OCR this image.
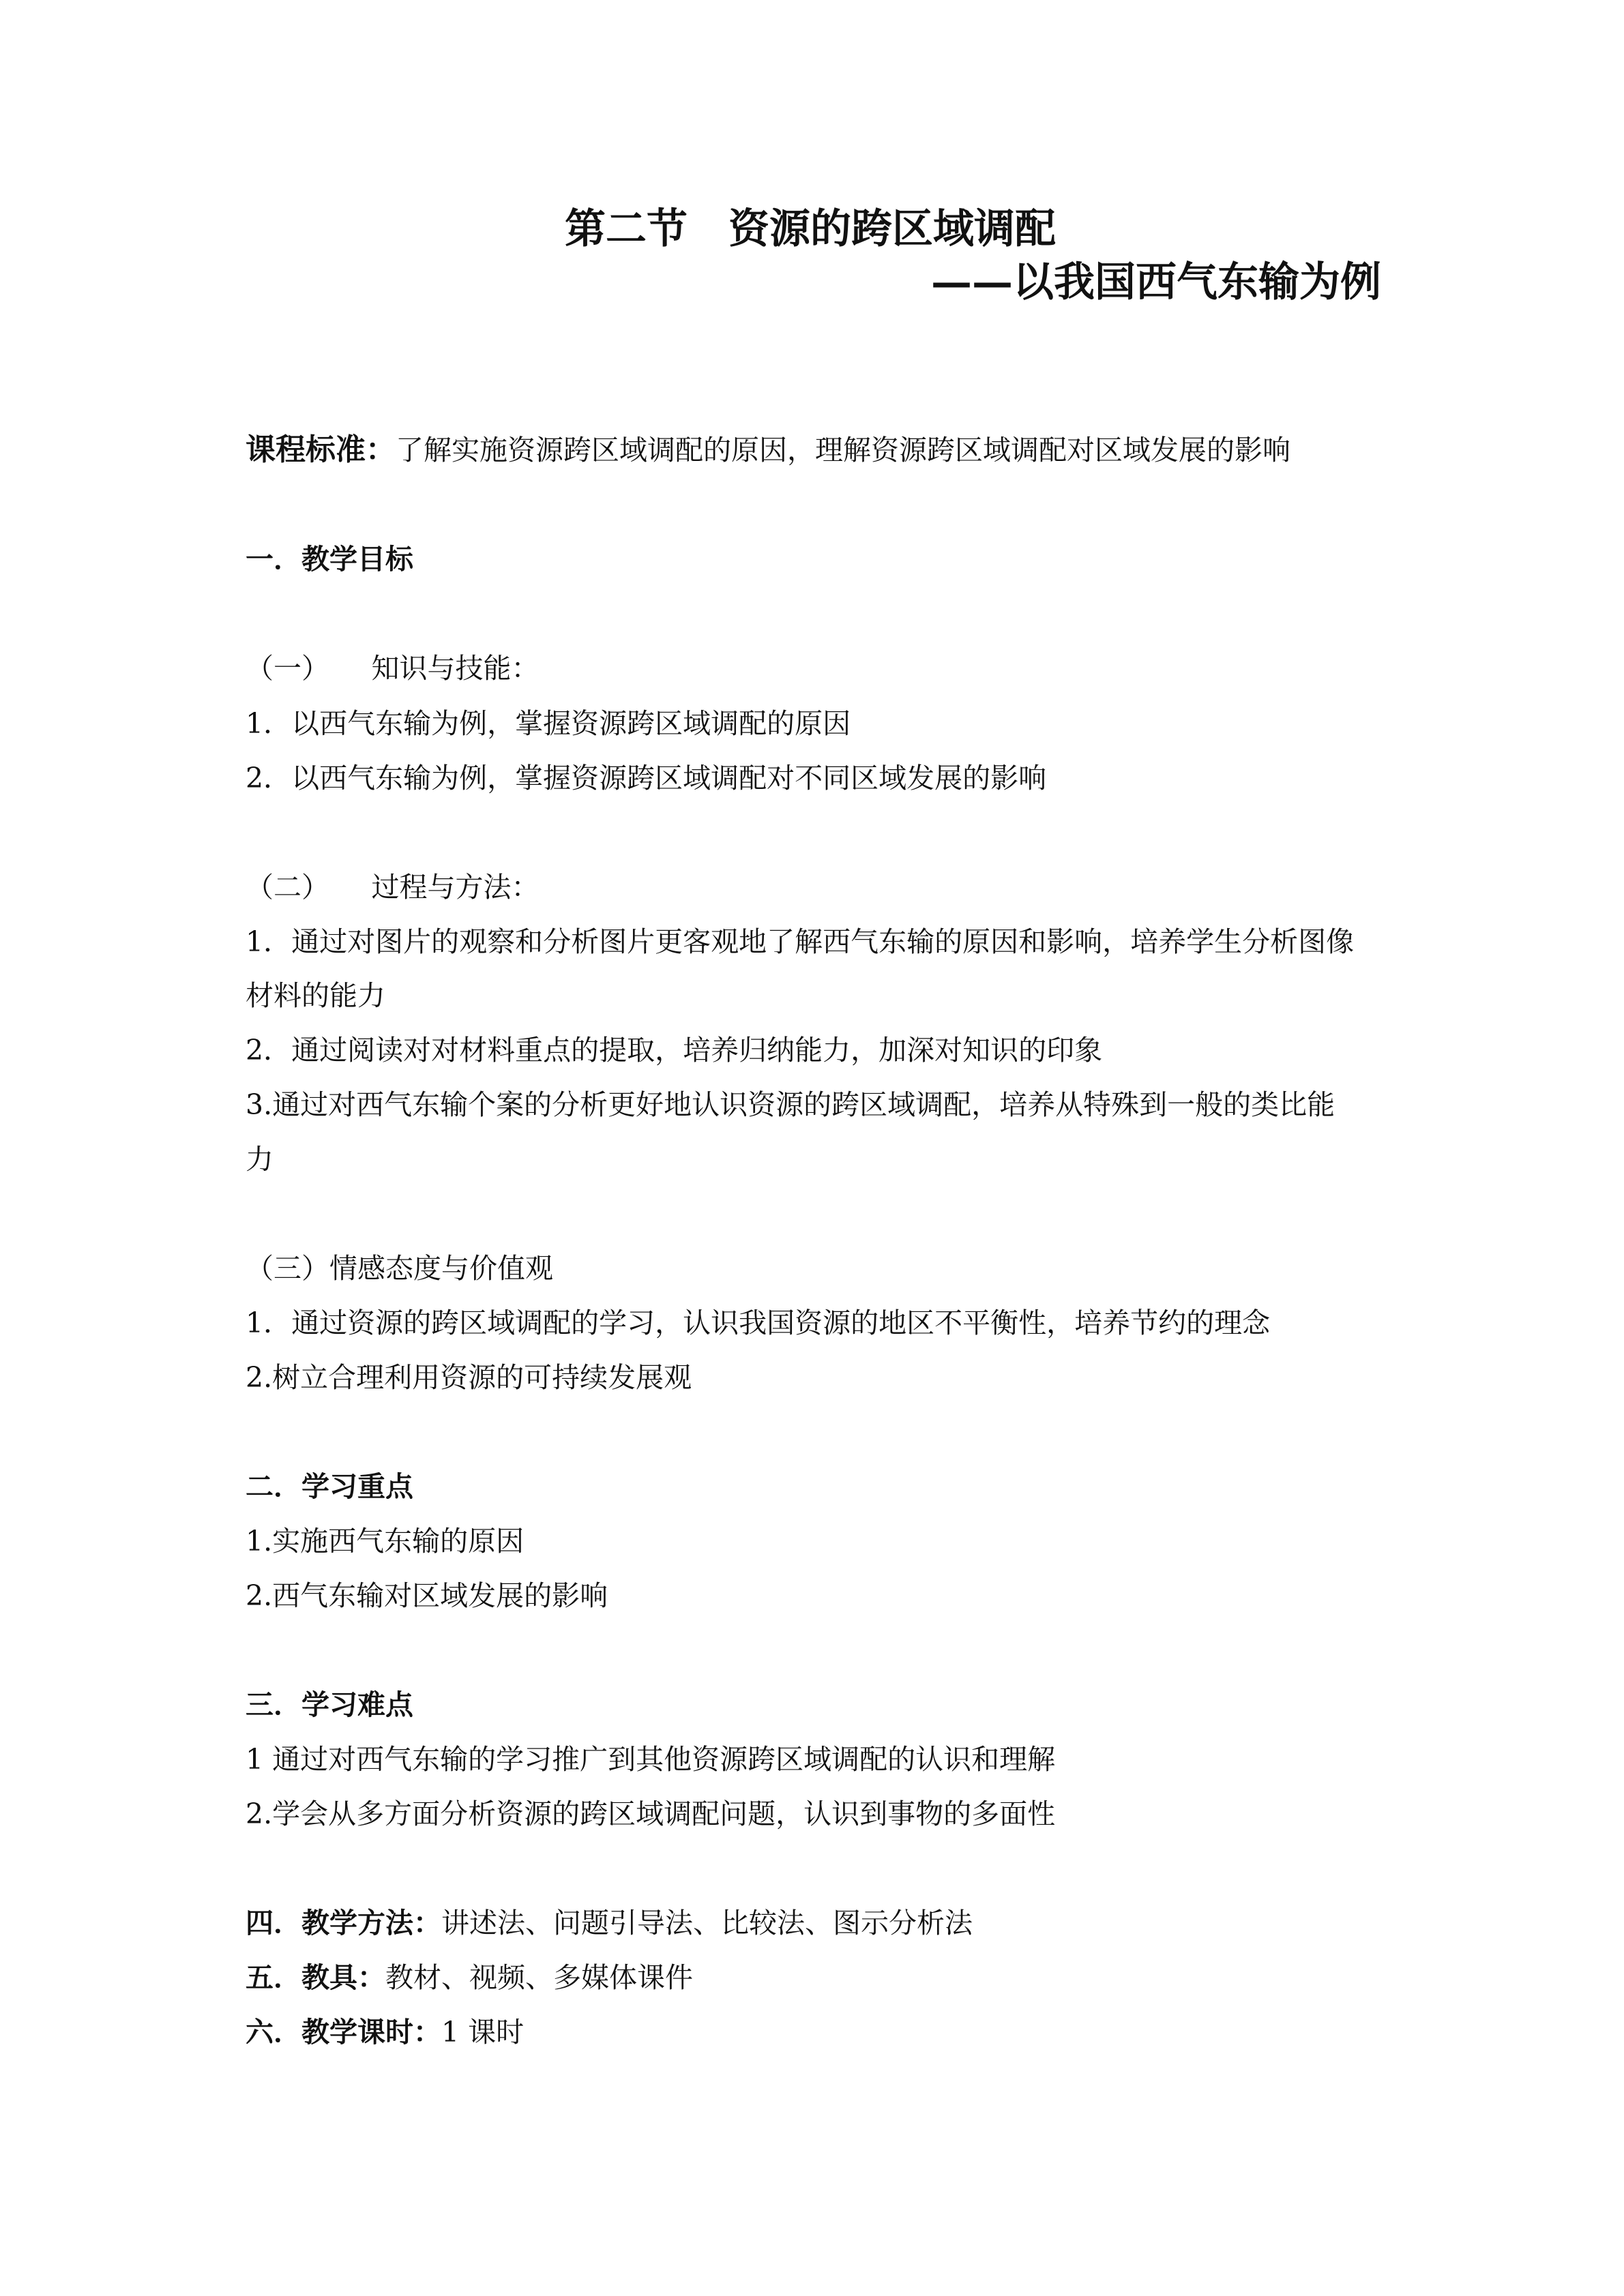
第二节　资源的跨区域调配
——以我国西气东输为例
课程标准：了解实施资源跨区域调配的原因，理解资源跨区域调配对区域发展的影响
一．教学目标
（一）　　知识与技能：
1．以西气东输为例，掌握资源跨区域调配的原因
2．以西气东输为例，掌握资源跨区域调配对不同区域发展的影响
（二）　　过程与方法：
1．通过对图片的观察和分析图片更客观地了解西气东输的原因和影响，培养学生分析图像
材料的能力
2．通过阅读对对材料重点的提取，培养归纳能力，加深对知识的印象
3.通过对西气东输个案的分析更好地认识资源的跨区域调配，培养从特殊到一般的类比能
力
（三）情感态度与价值观
1．通过资源的跨区域调配的学习，认识我国资源的地区不平衡性，培养节约的理念
2.树立合理利用资源的可持续发展观
二．学习重点
1.实施西气东输的原因
2.西气东输对区域发展的影响
三．学习难点
1 通过对西气东输的学习推广到其他资源跨区域调配的认识和理解
2.学会从多方面分析资源的跨区域调配问题，认识到事物的多面性
四．教学方法：讲述法、问题引导法、比较法、图示分析法
五．教具：教材、视频、多媒体课件
六．教学课时：1 课时
